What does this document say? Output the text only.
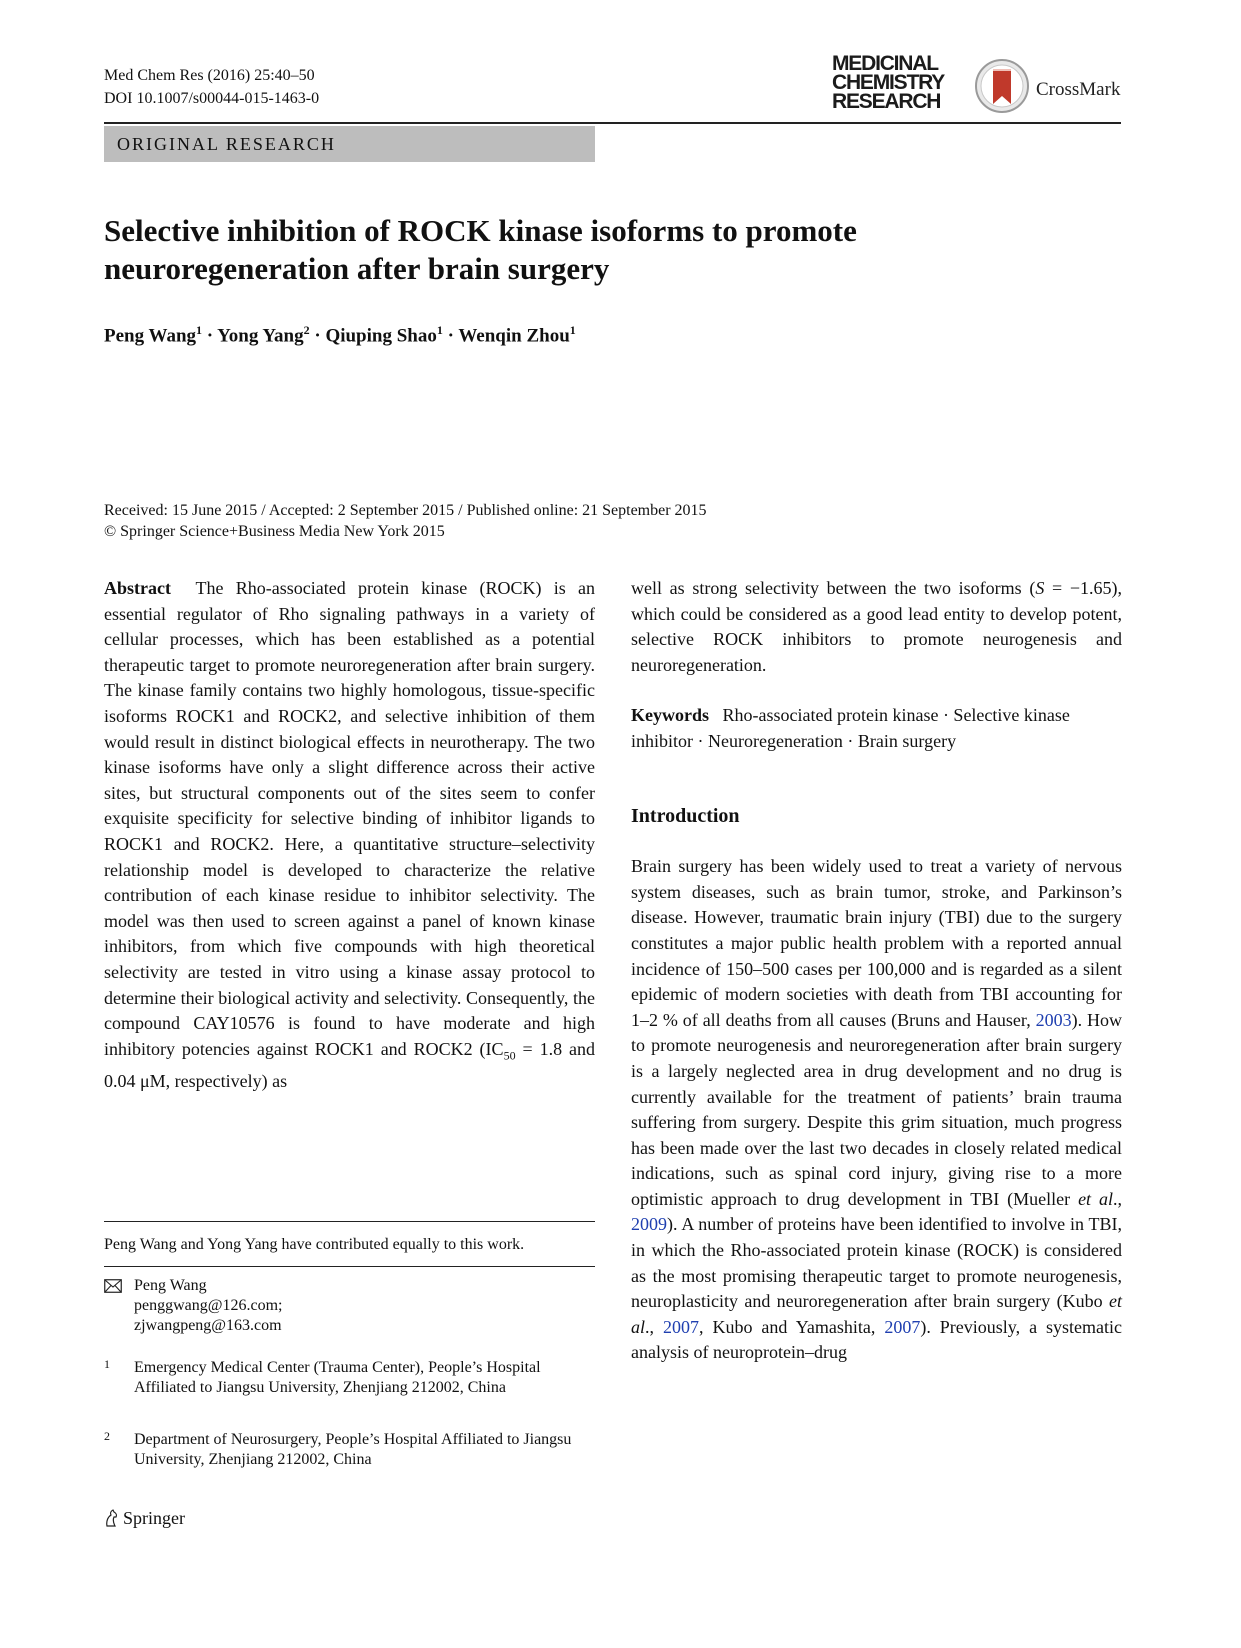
Med Chem Res (2016) 25:40–50
DOI 10.1007/s00044-015-1463-0
MEDICINAL
CHEMISTRY
RESEARCH
CrossMark
ORIGINAL RESEARCH
Selective inhibition of ROCK kinase isoforms to promote
neuroregeneration after brain surgery
Peng Wang$^1$ · Yong Yang$^2$ · Qiuping Shao$^1$ · Wenqin Zhou$^1$
Received: 15 June 2015 / Accepted: 2 September 2015 / Published online: 21 September 2015
© Springer Science+Business Media New York 2015

Abstract The Rho-associated protein kinase (ROCK) is an essential regulator of Rho signaling pathways in a variety of cellular processes, which has been established as a potential therapeutic target to promote neuroregeneration after brain surgery. The kinase family contains two highly homologous, tissue-specific isoforms ROCK1 and ROCK2, and selective inhibition of them would result in distinct biological effects in neurotherapy. The two kinase isoforms have only a slight difference across their active sites, but structural components out of the sites seem to confer exquisite specificity for selective binding of inhibitor ligands to ROCK1 and ROCK2. Here, a quantitative structure–selectivity relationship model is developed to characterize the relative contribution of each kinase residue to inhibitor selectivity. The model was then used to screen against a panel of known kinase inhibitors, from which five compounds with high theoretical selectivity are tested in vitro using a kinase assay protocol to determine their biological activity and selectivity. Consequently, the compound CAY10576 is found to have moderate and high inhibitory potencies against ROCK1 and ROCK2 ($IC_{50} = 1.8$ and 0.04 μM, respectively) as

well as strong selectivity between the two isoforms (S = −1.65), which could be considered as a good lead entity to develop potent, selective ROCK inhibitors to promote neurogenesis and neuroregeneration.

Keywords Rho-associated protein kinase · Selective kinase inhibitor · Neuroregeneration · Brain surgery

Introduction

Brain surgery has been widely used to treat a variety of nervous system diseases, such as brain tumor, stroke, and Parkinson’s disease. However, traumatic brain injury (TBI) due to the surgery constitutes a major public health problem with a reported annual incidence of 150–500 cases per 100,000 and is regarded as a silent epidemic of modern societies with death from TBI accounting for 1–2 % of all deaths from all causes (Bruns and Hauser, 2003). How to promote neurogenesis and neuroregeneration after brain surgery is a largely neglected area in drug development and no drug is currently available for the treatment of patients’ brain trauma suffering from surgery. Despite this grim situation, much progress has been made over the last two decades in closely related medical indications, such as spinal cord injury, giving rise to a more optimistic approach to drug development in TBI (Mueller et al., 2009). A number of proteins have been identified to involve in TBI, in which the Rho-associated protein kinase (ROCK) is considered as the most promising therapeutic target to promote neurogenesis, neuroplasticity and neuroregeneration after brain surgery (Kubo et al., 2007, Kubo and Yamashita, 2007). Previously, a systematic analysis of neuroprotein–drug

Peng Wang and Yong Yang have contributed equally to this work.
Peng Wang
penggwang@126.com;
zjwangpeng@163.com
1 Emergency Medical Center (Trauma Center), People’s Hospital Affiliated to Jiangsu University, Zhenjiang 212002, China
2 Department of Neurosurgery, People’s Hospital Affiliated to Jiangsu University, Zhenjiang 212002, China
Springer
